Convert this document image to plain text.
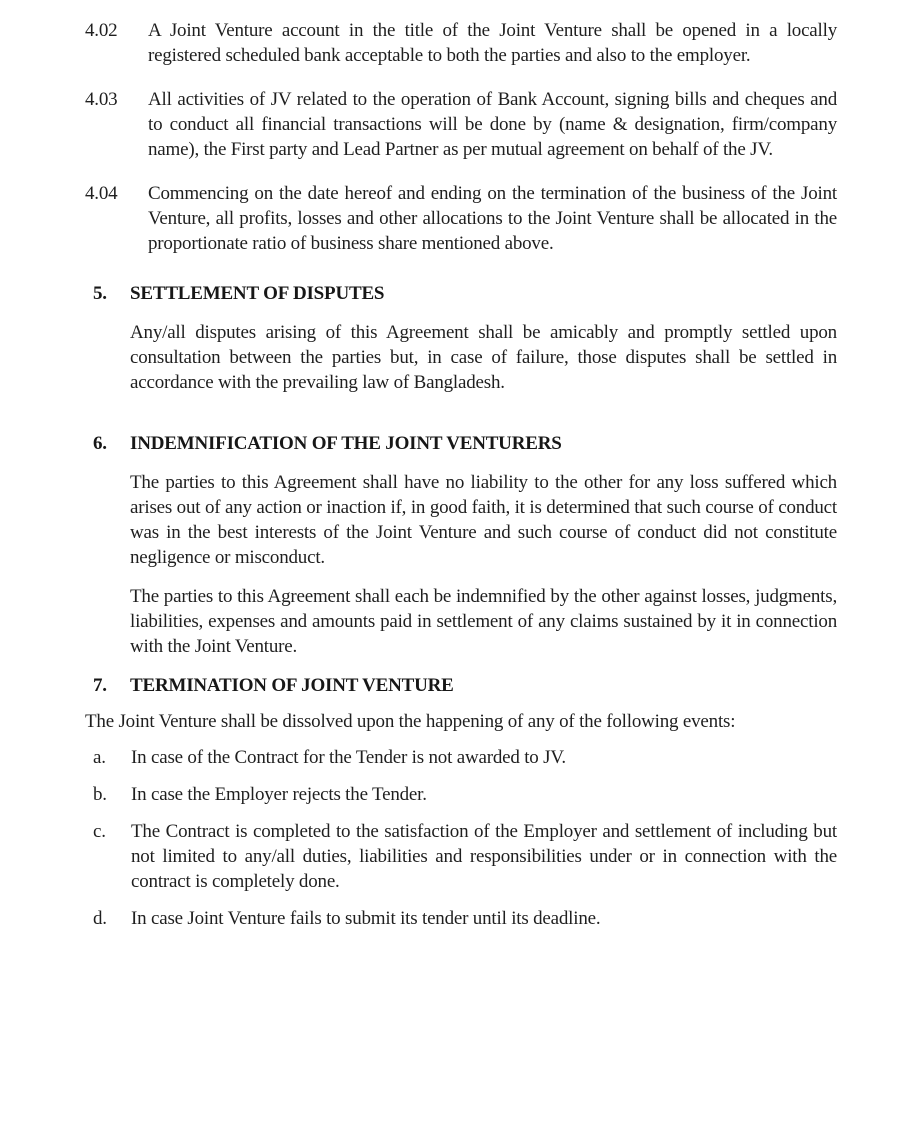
4.02	A Joint Venture account in the title of the Joint Venture shall be opened in a locally registered scheduled bank acceptable to both the parties and also to the employer.
4.03	All activities of JV related to the operation of Bank Account, signing bills and cheques and to conduct all financial transactions will be done by (name & designation, firm/company name), the First party and Lead Partner as per mutual agreement on behalf of the JV.
4.04	Commencing on the date hereof and ending on the termination of the business of the Joint Venture, all profits, losses and other allocations to the Joint Venture shall be allocated in the proportionate ratio of business share mentioned above.
5.	SETTLEMENT OF DISPUTES

Any/all disputes arising of this Agreement shall be amicably and promptly settled upon consultation between the parties but, in case of failure, those disputes shall be settled in accordance with the prevailing law of Bangladesh.

6.	INDEMNIFICATION OF THE JOINT VENTURERS

The parties to this Agreement shall have no liability to the other for any loss suffered which arises out of any action or inaction if, in good faith, it is determined that such course of conduct was in the best interests of the Joint Venture and such course of conduct did not constitute negligence or misconduct.

The parties to this Agreement shall each be indemnified by the other against losses, judgments, liabilities, expenses and amounts paid in settlement of any claims sustained by it in connection with the Joint Venture.

7.	TERMINATION OF JOINT VENTURE

The Joint Venture shall be dissolved upon the happening of any of the following events:

a.	In case of the Contract for the Tender is not awarded to JV.
b.	In case the Employer rejects the Tender.
c.	The Contract is completed to the satisfaction of the Employer and settlement of including but not limited to any/all duties, liabilities and responsibilities under or in connection with the contract is completely done.
d.	In case Joint Venture fails to submit its tender until its deadline.
